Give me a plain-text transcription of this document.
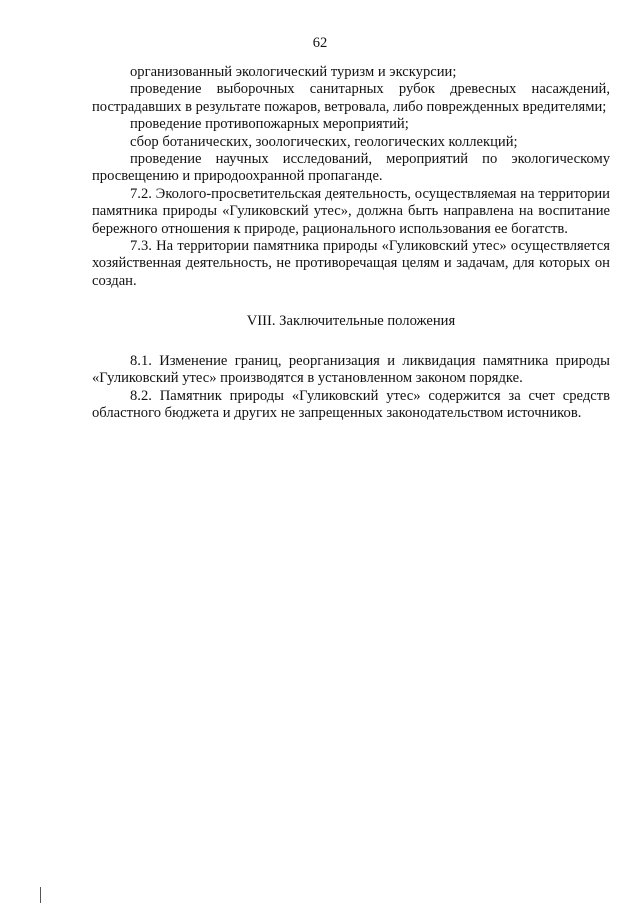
62

организованный экологический туризм и экскурсии;

проведение выборочных санитарных рубок древесных насаждений, пострадавших в результате пожаров, ветровала, либо поврежденных вредителями;

проведение противопожарных мероприятий;

сбор ботанических, зоологических, геологических коллекций;

проведение научных исследований, мероприятий по экологическому просвещению и природоохранной пропаганде.

7.2. Эколого-просветительская деятельность, осуществляемая на территории памятника природы «Гуликовский утес», должна быть направлена на воспитание бережного отношения к природе, рационального использования ее богатств.

7.3. На территории памятника природы «Гуликовский утес» осуществляется хозяйственная деятельность, не противоречащая целям и задачам, для которых он создан.

VIII. Заключительные положения

8.1. Изменение границ, реорганизация и ликвидация памятника природы «Гуликовский утес» производятся в установленном законом порядке.

8.2. Памятник природы «Гуликовский утес» содержится за счет средств областного бюджета и других не запрещенных законодательством источников.
